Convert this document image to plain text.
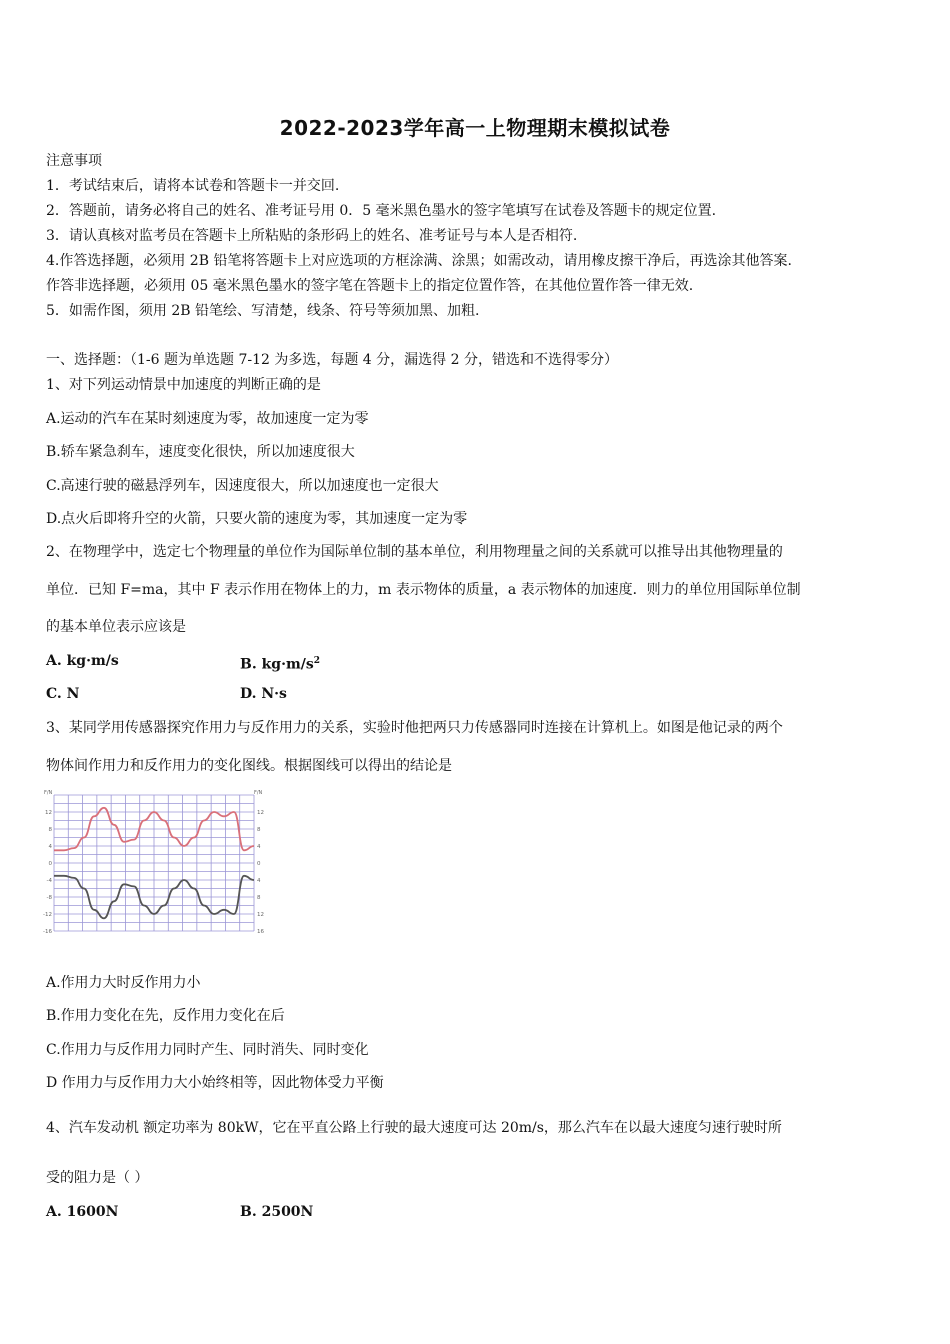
2022-2023学年高一上物理期末模拟试卷
注意事项
1．考试结束后，请将本试卷和答题卡一并交回.
2．答题前，请务必将自己的姓名、准考证号用 0．5 毫米黑色墨水的签字笔填写在试卷及答题卡的规定位置.
3．请认真核对监考员在答题卡上所粘贴的条形码上的姓名、准考证号与本人是否相符.
4.作答选择题，必须用 2B 铅笔将答题卡上对应选项的方框涂满、涂黑；如需改动，请用橡皮擦干净后，再选涂其他答案.
作答非选择题，必须用 05 毫米黑色墨水的签字笔在答题卡上的指定位置作答，在其他位置作答一律无效.
5．如需作图，须用 2B 铅笔绘、写清楚，线条、符号等须加黑、加粗.
一、选择题：（1-6 题为单选题 7-12 为多选，每题 4 分，漏选得 2 分，错选和不选得零分）
1、对下列运动情景中加速度的判断正确的是
A.运动的汽车在某时刻速度为零，故加速度一定为零
B.轿车紧急刹车，速度变化很快，所以加速度很大
C.高速行驶的磁悬浮列车，因速度很大，所以加速度也一定很大
D.点火后即将升空的火箭，只要火箭的速度为零，其加速度一定为零
2、在物理学中，选定七个物理量的单位作为国际单位制的基本单位，利用物理量之间的关系就可以推导出其他物理量的
单位．已知 F=ma，其中 F 表示作用在物体上的力，m 表示物体的质量，a 表示物体的加速度．则力的单位用国际单位制
的基本单位表示应该是
A. kg·m/s	B. $kg\cdot m/s^2$
C. N	D. N·s
3、某同学用传感器探究作用力与反作用力的关系，实验时他把两只力传感器同时连接在计算机上。如图是他记录的两个
物体间作用力和反作用力的变化图线。根据图线可以得出的结论是
F/N	F/N
12
8
4
0
-4
-8
-12
-16
12
8
4
0
4
8
12
16
A.作用力大时反作用力小
B.作用力变化在先，反作用力变化在后
C.作用力与反作用力同时产生、同时消失、同时变化
D 作用力与反作用力大小始终相等，因此物体受力平衡
4、汽车发动机 额定功率为 80kW，它在平直公路上行驶的最大速度可达 20m/s，那么汽车在以最大速度匀速行驶时所
受的阻力是（ ）
A. 1600N	B. 2500N
